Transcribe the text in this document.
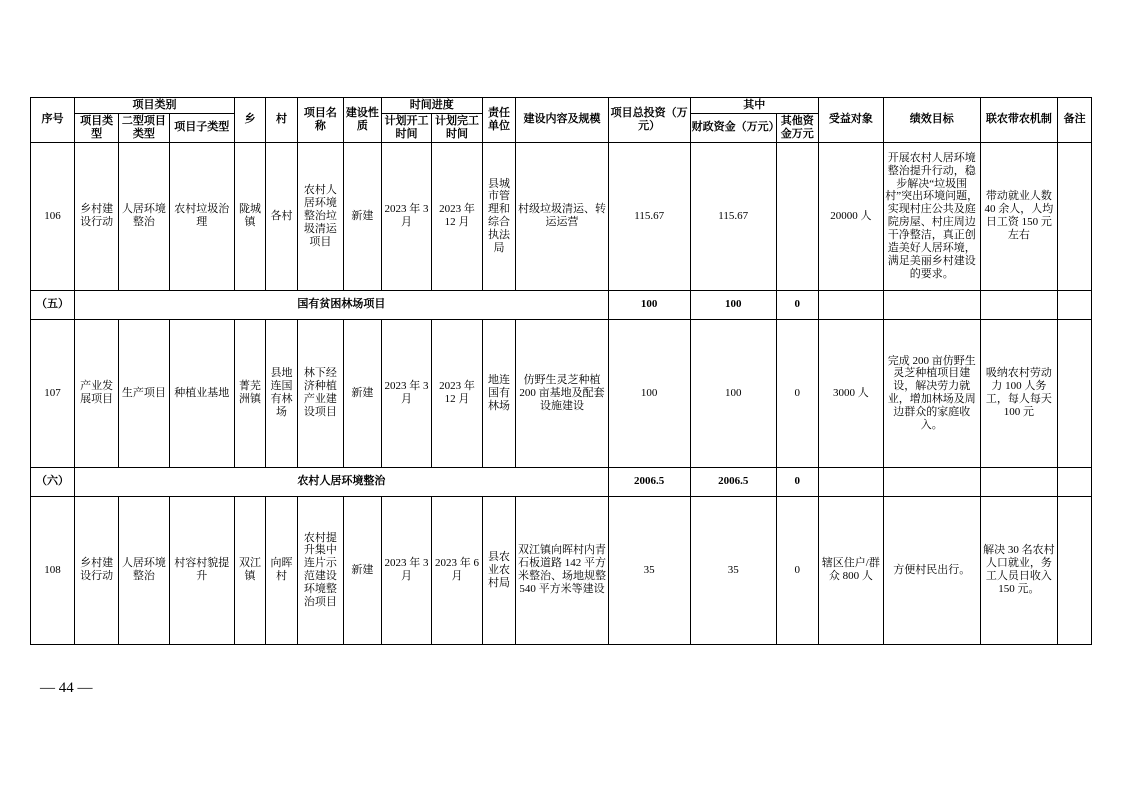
序号	项目类别			乡	村	项目名称	建设性质	时间进度		责任单位	建设内容及规模	项目总投资（万元）	其中		受益对象	绩效目标	联农带农机制	备注
	项目类型	二型项目类型	项目子类型					计划开工时间	计划完工时间				财政资金（万元）	其他资金万元				

106	乡村建设行动	人居环境整治	农村垃圾治理	陇城镇	各村	农村人居环境整治垃圾清运项目	新建	2023 年 3 月	2023 年 12 月	县城市管理和综合执法局	村级垃圾清运、转运运营	115.67	115.67		20000 人	开展农村人居环境整治提升行动，稳步解决“垃圾围村”突出环境问题，实现村庄公共及庭院房屋、村庄周边干净整洁，真正创造美好人居环境，满足美丽乡村建设的要求。	带动就业人数 40 余人，人均日工资 150 元左右	
（五）	国有贫困林场项目											100	100	0				
107	产业发展项目	生产项目	种植业基地	菁芜洲镇	县地连国有林场	林下经济种植产业建设项目	新建	2023 年 3 月	2023 年 12 月	地连国有林场	仿野生灵芝种植 200 亩基地及配套设施建设	100	100	0	3000 人	完成 200 亩仿野生灵芝种植项目建设，解决劳力就业，增加林场及周边群众的家庭收入。	吸纳农村劳动力 100 人务工，每人每天 100 元	
（六）	农村人居环境整治											2006.5	2006.5	0				
108	乡村建设行动	人居环境整治	村容村貌提升	双江镇	向晖村	农村提升集中连片示范建设环境整治项目	新建	2023 年 3 月	2023 年 6 月	县农业农村局	双江镇向晖村内青石板道路 142 平方米整治、场地规整 540 平方米等建设	35	35	0	辖区住户/群众 800 人	方便村民出行。	解决 30 名农村人口就业，务工人员日收入 150 元。	
— 44 —
